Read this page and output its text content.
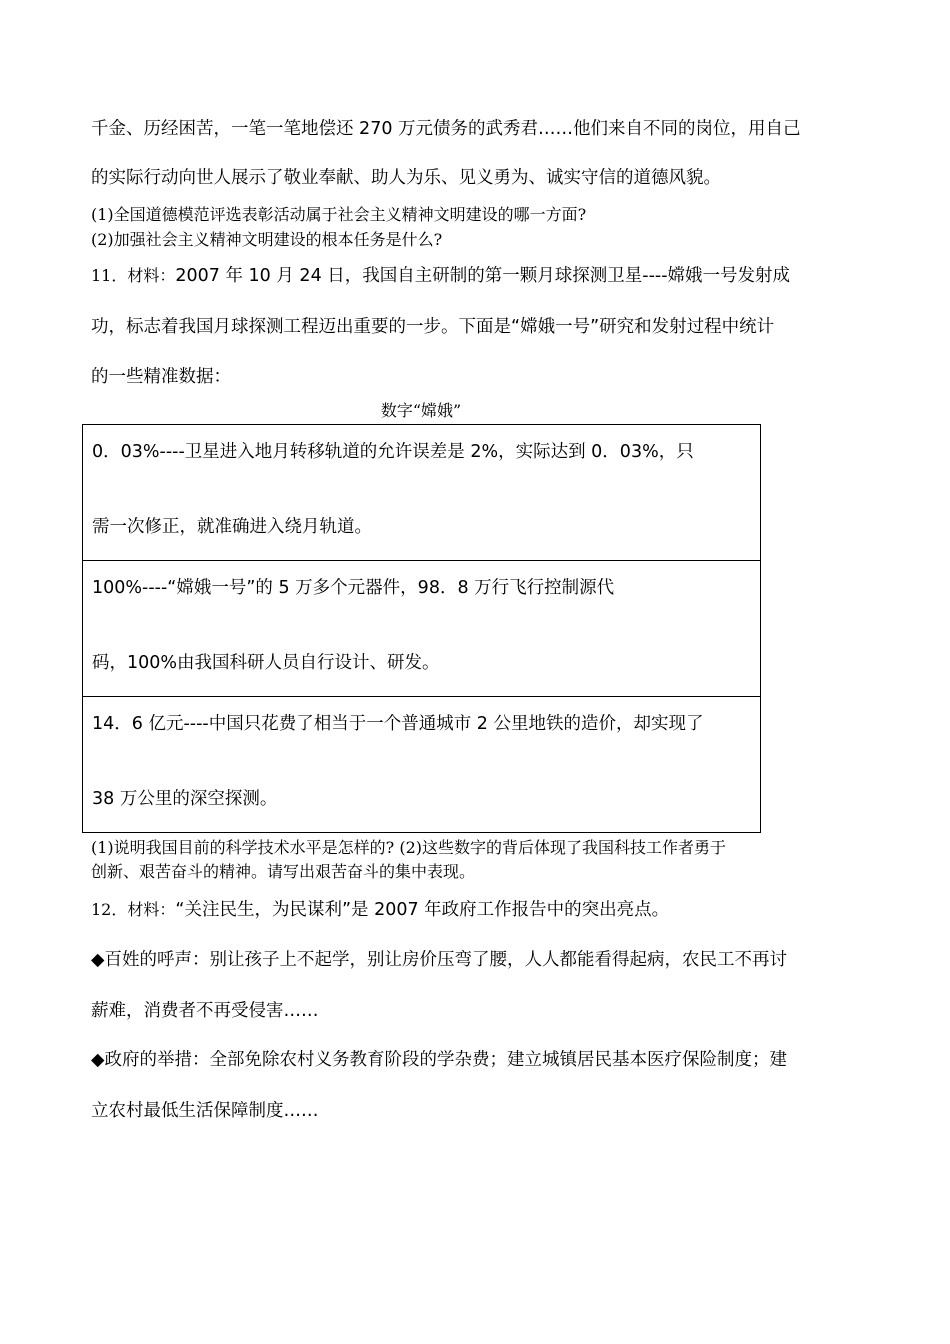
千金、历经困苦，一笔一笔地偿还 270 万元债务的武秀君……他们来自不同的岗位，用自己
的实际行动向世人展示了敬业奉献、助人为乐、见义勇为、诚实守信的道德风貌。
(1)全国道德模范评选表彰活动属于社会主义精神文明建设的哪一方面?
(2)加强社会主义精神文明建设的根本任务是什么?
11．材料：2007 年 10 月 24 日，我国自主研制的第一颗月球探测卫星----嫦娥一号发射成
功，标志着我国月球探测工程迈出重要的一步。下面是“嫦娥一号”研究和发射过程中统计
的一些精准数据：
数字“嫦娥”
0．03%----卫星进入地月转移轨道的允许误差是 2%，实际达到 0．03%，只
需一次修正，就准确进入绕月轨道。
100%----“嫦娥一号”的 5 万多个元器件，98．8 万行飞行控制源代
码，100%由我国科研人员自行设计、研发。
14．6 亿元----中国只花费了相当于一个普通城市 2 公里地铁的造价，却实现了
38 万公里的深空探测。
(1)说明我国目前的科学技术水平是怎样的? (2)这些数字的背后体现了我国科技工作者勇于
创新、艰苦奋斗的精神。请写出艰苦奋斗的集中表现。
12．材料：“关注民生，为民谋利”是 2007 年政府工作报告中的突出亮点。
◆百姓的呼声：别让孩子上不起学，别让房价压弯了腰，人人都能看得起病，农民工不再讨
薪难，消费者不再受侵害……
◆政府的举措：全部免除农村义务教育阶段的学杂费；建立城镇居民基本医疗保险制度；建
立农村最低生活保障制度……
